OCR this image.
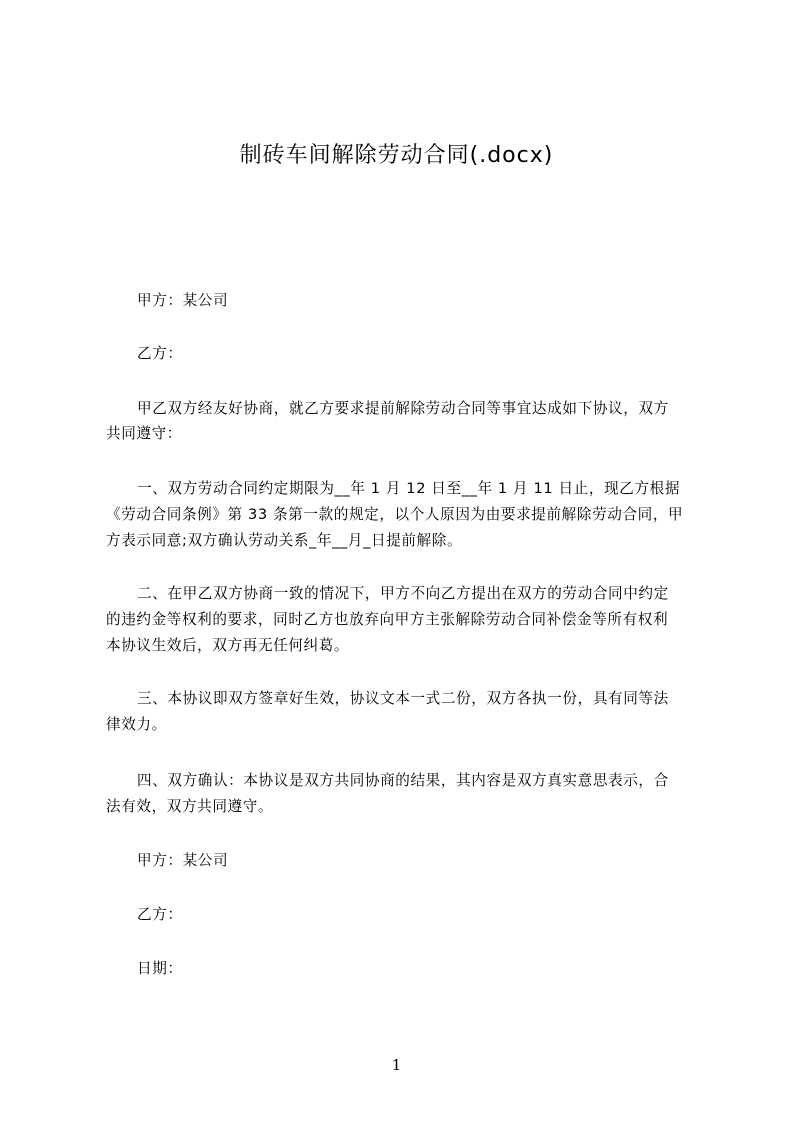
制砖车间解除劳动合同(.docx)
甲方：某公司
乙方：
甲乙双方经友好协商，就乙方要求提前解除劳动合同等事宜达成如下协议，双方
共同遵守：
一、双方劳动合同约定期限为__年 1 月 12 日至__年 1 月 11 日止，现乙方根据
《劳动合同条例》第 33 条第一款的规定，以个人原因为由要求提前解除劳动合同，甲
方表示同意;双方确认劳动关系_年__月_日提前解除。
二、在甲乙双方协商一致的情况下，甲方不向乙方提出在双方的劳动合同中约定
的违约金等权利的要求，同时乙方也放弃向甲方主张解除劳动合同补偿金等所有权利
本协议生效后，双方再无任何纠葛。
三、本协议即双方签章好生效，协议文本一式二份，双方各执一份，具有同等法
律效力。
四、双方确认：本协议是双方共同协商的结果，其内容是双方真实意思表示，合
法有效，双方共同遵守。
甲方：某公司
乙方：
日期：
1
